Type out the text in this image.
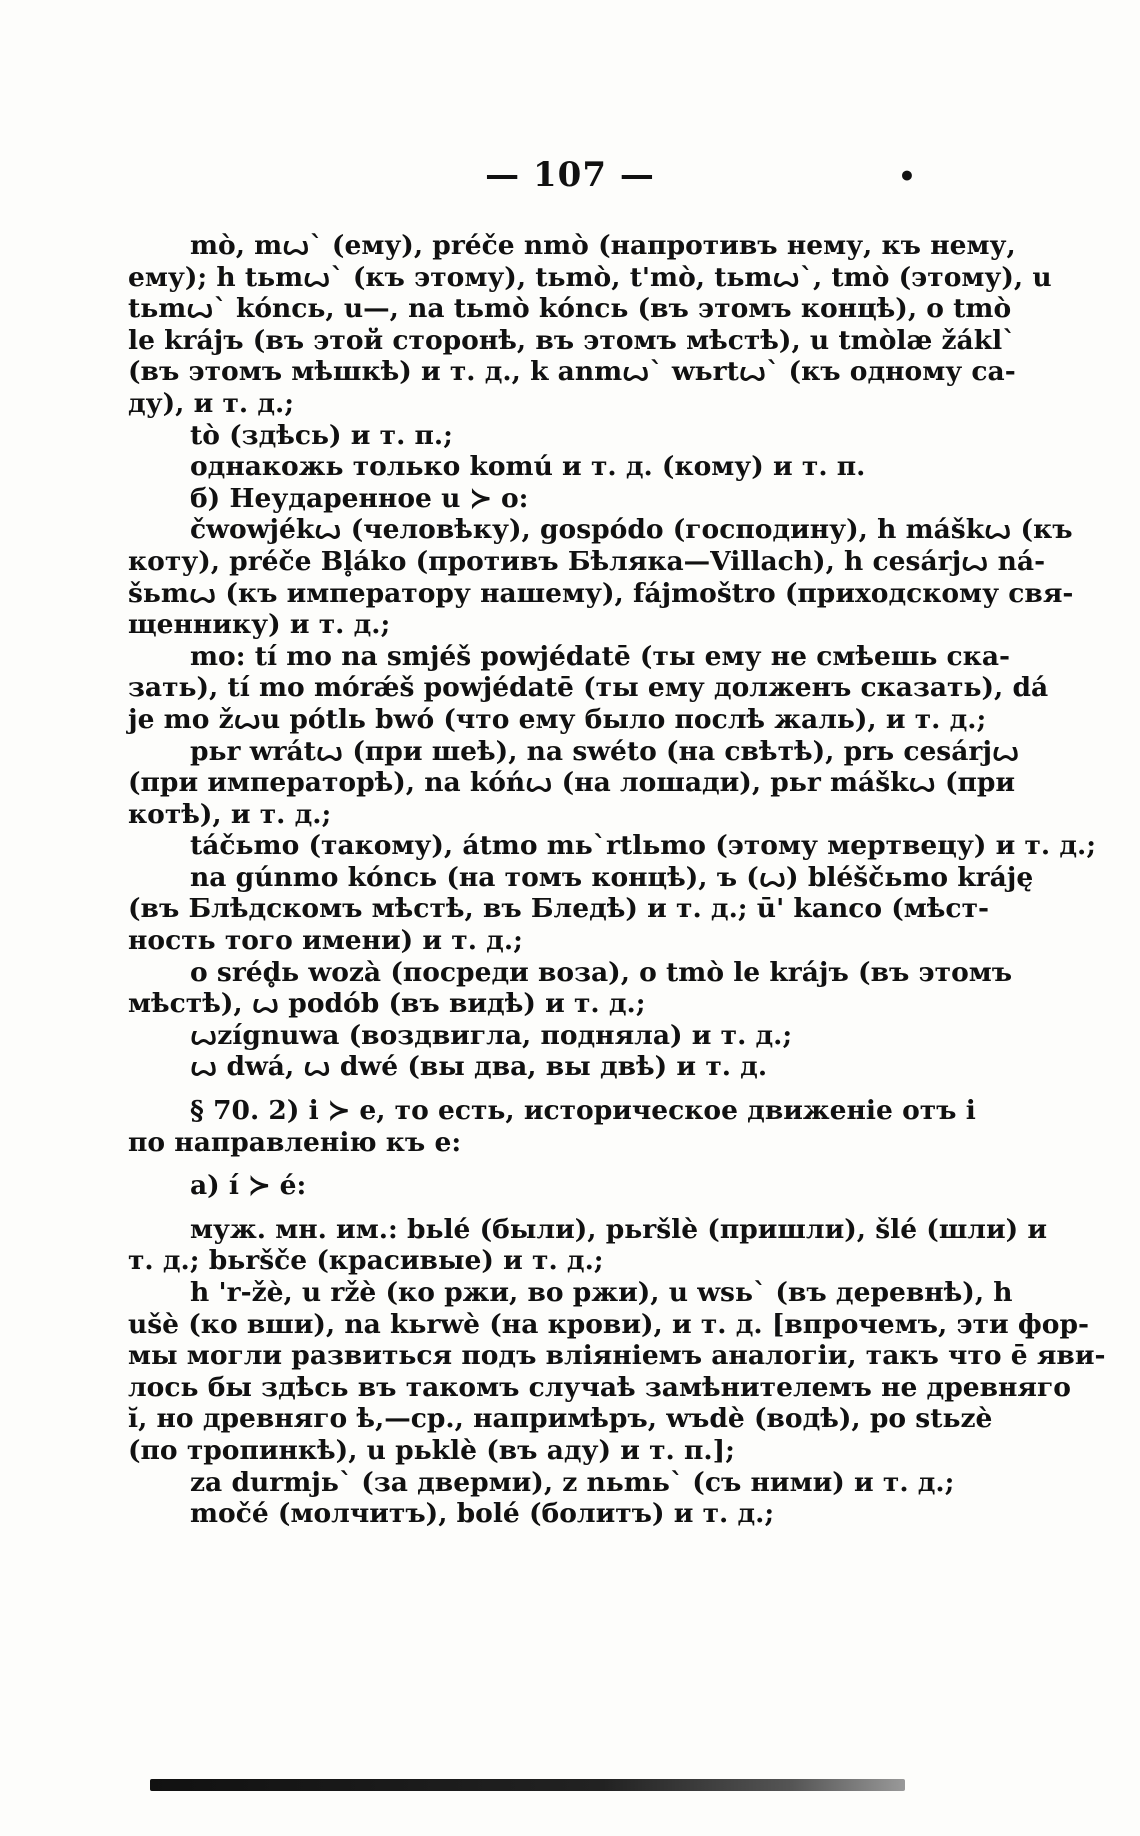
— 107 —	•
mò, mꙍ` (ему), préče nmò (напротивъ нему, къ нему,
ему); h tьmꙍ` (къ этому), tьmò, t'mò, tьmꙍ`, tmò (этому), u
tьmꙍ` kóncь, u—, na tьmò kóncь (въ этомъ концѣ), o tmò
le krájъ (въ этой сторонѣ, въ этомъ мѣстѣ), u tmòlæ žákl`
(въ этомъ мѣшкѣ) и т. д., k anmꙍ` wьrtꙍ` (къ одному са-
ду), и т. д.;
tò (здѣсь) и т. п.;
однакожь только komú и т. д. (кому) и т. п.
б) Неударенное u ≻ o:
čwowjékꙍ (человѣку), gospódo (господину), h máškꙍ (къ
коту), préče Bl̥áko (противъ Бѣляка—Villach), h cesárjꙍ ná-
šьmꙍ (къ императору нашему), fájmoštro (приходскому свя-
щеннику) и т. д.;
mo: tí mo na smjéš powjédatē (ты ему не смѣешь ска-
зать), tí mo mórǽš powjédatē (ты ему долженъ сказать), dá
je mo žꙍu pótlь bwó (что ему было послѣ жаль), и т. д.;
pьr wrátꙍ (при шеѣ), na swéto (на свѣтѣ), prь cesárjꙍ
(при императорѣ), na kóńꙍ (на лошади), pьr máškꙍ (при
котѣ), и т. д.;
táčьmo (такому), átmo mь`rtlьmo (этому мертвецу) и т. д.;
na gúnmo kóncь (на томъ концѣ), ъ (ꙍ) bléščьmo kráję
(въ Блѣдскомъ мѣстѣ, въ Бледѣ) и т. д.; ū' kanco (мѣст-
ность того имени) и т. д.;
o sréd̥ь wozà (посреди воза), o tmò le krájъ (въ этомъ
мѣстѣ), ꙍ podób (въ видѣ) и т. д.;
ꙍzígnuwa (воздвигла, подняла) и т. д.;
ꙍ dwá, ꙍ dwé (вы два, вы двѣ) и т. д.
§ 70. 2) i ≻ e, то есть, историческое движеніе отъ i
по направленію къ e:
а) í ≻ é:
муж. мн. им.: bьlé (были), pьršlè (пришли), šlé (шли) и
т. д.; bьršče (красивые) и т. д.;
h 'r-žè, u ržè (ко ржи, во ржи), u wsь` (въ деревнѣ), h
ušè (ко вши), na kьrwè (на крови), и т. д. [впрочемъ, эти фор-
мы могли развиться подъ вліяніемъ аналогіи, такъ что ē яви-
лось бы здѣсь въ такомъ случаѣ замѣнителемъ не древняго
ĭ, но древняго ѣ,—ср., напримѣръ, wъdè (водѣ), po stьzè
(по тропинкѣ), u pьklè (въ аду) и т. п.];
za durmjь` (за дверми), z nьmь` (съ ними) и т. д.;
močé (молчитъ), bolé (болитъ) и т. д.;
